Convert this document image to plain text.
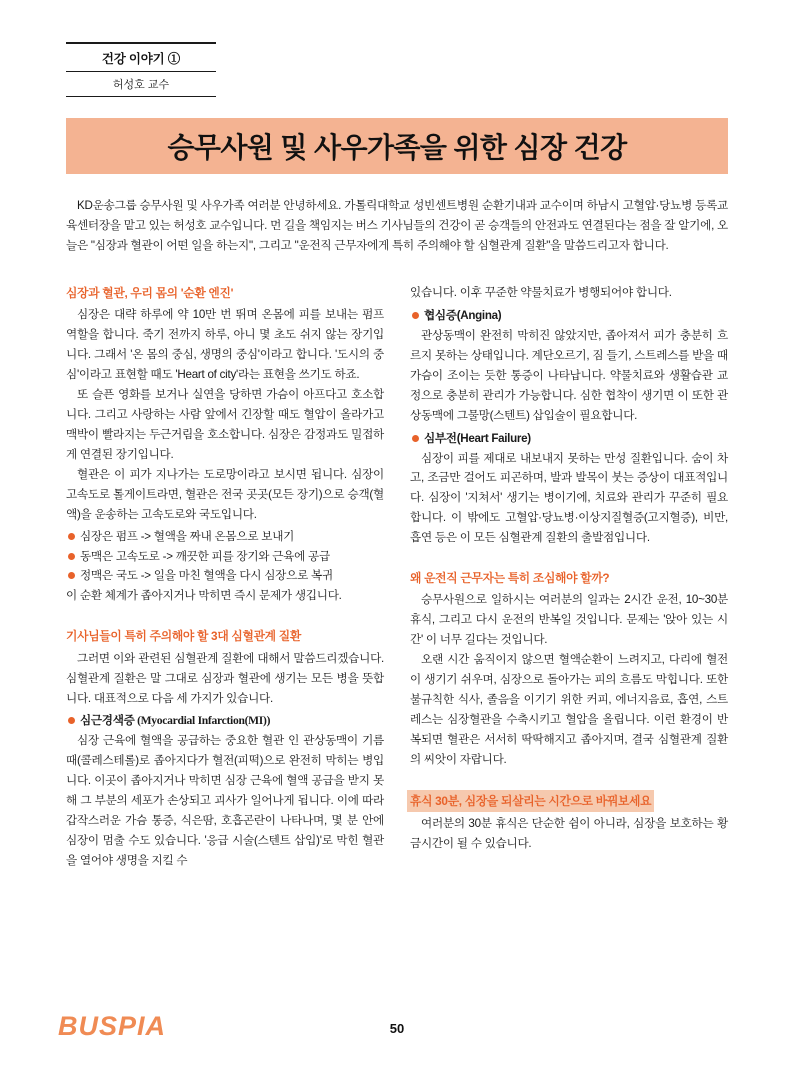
건강 이야기 ①
허성호 교수
승무사원 및 사우가족을 위한 심장 건강
KD운송그룹 승무사원 및 사우가족 여러분 안녕하세요. 가톨릭대학교 성빈센트병원 순환기내과 교수이며 하남시 고혈압·당뇨병 등록교육센터장을 맡고 있는 허성호 교수입니다. 먼 길을 책임지는 버스 기사님들의 건강이 곧 승객들의 안전과도 연결된다는 점을 잘 알기에, 오늘은 "심장과 혈관이 어떤 일을 하는지", 그리고 "운전직 근무자에게 특히 주의해야 할 심혈관계 질환"을 말씀드리고자 합니다.
심장과 혈관, 우리 몸의 '순환 엔진'

심장은 대략 하루에 약 10만 번 뛰며 온몸에 피를 보내는 펌프 역할을 합니다. 죽기 전까지 하루, 아니 몇 초도 쉬지 않는 장기입니다. 그래서 '온 몸의 중심, 생명의 중심'이라고 합니다. '도시의 중심'이라고 표현할 때도 'Heart of city'라는 표현을 쓰기도 하죠.

또 슬픈 영화를 보거나 실연을 당하면 가슴이 아프다고 호소합니다. 그리고 사랑하는 사람 앞에서 긴장할 때도 혈압이 올라가고 맥박이 빨라지는 두근거림을 호소합니다. 심장은 감정과도 밀접하게 연결된 장기입니다.

혈관은 이 피가 지나가는 도로망이라고 보시면 됩니다. 심장이 고속도로 톨게이트라면, 혈관은 전국 곳곳(모든 장기)으로 승객(혈액)을 운송하는 고속도로와 국도입니다.

심장은 펌프 -> 혈액을 짜내 온몸으로 보내기
동맥은 고속도로 -> 깨끗한 피를 장기와 근육에 공급
정맥은 국도 -> 일을 마친 혈액을 다시 심장으로 복귀

이 순환 체계가 좁아지거나 막히면 즉시 문제가 생깁니다.

기사님들이 특히 주의해야 할 3대 심혈관계 질환

그러면 이와 관련된 심혈관계 질환에 대해서 말씀드리겠습니다. 심혈관계 질환은 말 그대로 심장과 혈관에 생기는 모든 병을 뜻합니다. 대표적으로 다음 세 가지가 있습니다.

심근경색증 (Myocardial Infarction(MI))

심장 근육에 혈액을 공급하는 중요한 혈관 인 관상동맥이 기름때(콜레스테롤)로 좁아지다가 혈전(피떡)으로 완전히 막히는 병입니다. 이곳이 좁아지거나 막히면 심장 근육에 혈액 공급을 받지 못해 그 부분의 세포가 손상되고 괴사가 일어나게 됩니다. 이에 따라 갑작스러운 가슴 통증, 식은땀, 호흡곤란이 나타나며, 몇 분 안에 심장이 멈출 수도 있습니다. '응급 시술(스텐트 삽입)'로 막힌 혈관을 열어야 생명을 지킬 수

있습니다. 이후 꾸준한 약물치료가 병행되어야 합니다.

협심증(Angina)

관상동맥이 완전히 막히진 않았지만, 좁아져서 피가 충분히 흐르지 못하는 상태입니다. 계단오르기, 짐 들기, 스트레스를 받을 때 가슴이 조이는 듯한 통증이 나타납니다. 약물치료와 생활습관 교정으로 충분히 관리가 가능합니다. 심한 협착이 생기면 이 또한 관상동맥에 그물망(스텐트) 삽입술이 필요합니다.

심부전(Heart Failure)

심장이 피를 제대로 내보내지 못하는 만성 질환입니다. 숨이 차고, 조금만 걸어도 피곤하며, 발과 발목이 붓는 증상이 대표적입니다. 심장이 '지쳐서' 생기는 병이기에, 치료와 관리가 꾸준히 필요합니다. 이 밖에도 고혈압·당뇨병·이상지질혈증(고지혈증), 비만, 흡연 등은 이 모든 심혈관계 질환의 출발점입니다.

왜 운전직 근무자는 특히 조심해야 할까?

승무사원으로 일하시는 여러분의 일과는 2시간 운전, 10~30분 휴식, 그리고 다시 운전의 반복일 것입니다. 문제는 '앉아 있는 시간' 이 너무 길다는 것입니다.

오랜 시간 움직이지 않으면 혈액순환이 느려지고, 다리에 혈전이 생기기 쉬우며, 심장으로 돌아가는 피의 흐름도 막힙니다. 또한 불규칙한 식사, 졸음을 이기기 위한 커피, 에너지음료, 흡연, 스트레스는 심장혈관을 수축시키고 혈압을 올립니다. 이런 환경이 반복되면 혈관은 서서히 딱딱해지고 좁아지며, 결국 심혈관계 질환의 씨앗이 자랍니다.

휴식 30분, 심장을 되살리는 시간으로 바꿔보세요

여러분의 30분 휴식은 단순한 쉼이 아니라, 심장을 보호하는 황금시간이 될 수 있습니다.

BUSPIA	50
